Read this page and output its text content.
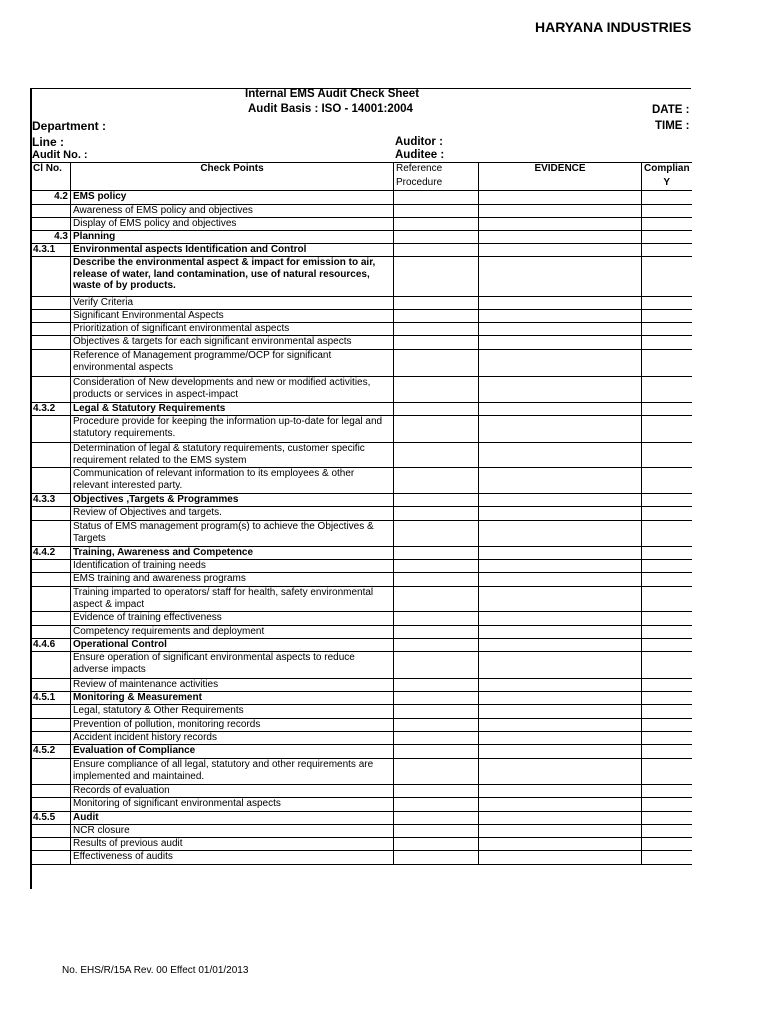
HARYANA INDUSTRIES
Internal EMS Audit Check Sheet
Audit Basis : ISO - 14001:2004	DATE :
TIME :
Department :
Line :
Audit No. :
Auditor :
Auditee :
Cl No.	Check Points	Reference	EVIDENCE	Complian
		Procedure		Y
4.2	EMS policy			
	Awareness of EMS policy and objectives			
	Display of EMS policy and objectives			
4.3	Planning			
4.3.1	Environmental aspects Identification and Control			
	Describe the environmental aspect & impact for emission to air, release of water, land contamination, use of natural resources, waste of by products.			
	Verify Criteria			
	Significant Environmental Aspects			
	Prioritization of significant environmental aspects			
	Objectives & targets for each significant environmental aspects			
	Reference of Management programme/OCP for significant environmental aspects			
	Consideration of New developments and new or modified activities, products or services in aspect-impact			
4.3.2	Legal & Statutory Requirements			
	Procedure provide for keeping the information up-to-date for legal and statutory requirements.			
	Determination of legal & statutory requirements, customer specific requirement related to the EMS system			
	Communication of relevant information to its employees & other relevant interested party.			
4.3.3	Objectives ,Targets & Programmes			
	Review of Objectives and targets.			
	Status of EMS management program(s) to achieve the Objectives & Targets			
4.4.2	Training, Awareness and Competence			
	Identification of training needs			
	EMS training and awareness programs			
	Training imparted to operators/ staff for health, safety environmental aspect & impact			
	Evidence of training effectiveness			
	Competency requirements and deployment			
4.4.6	Operational Control			
	Ensure operation of significant environmental aspects to reduce adverse impacts			
	Review of maintenance activities			
4.5.1	Monitoring & Measurement			
	Legal, statutory & Other Requirements			
	Prevention of pollution, monitoring records			
	Accident incident history records			
4.5.2	Evaluation of Compliance			
	Ensure compliance of all legal, statutory and other requirements are implemented and maintained.			
	Records of evaluation			
	Monitoring of significant environmental aspects			
4.5.5	Audit			
	NCR closure			
	Results of previous audit			
	Effectiveness of audits			
No. EHS/R/15A Rev. 00 Effect 01/01/2013
